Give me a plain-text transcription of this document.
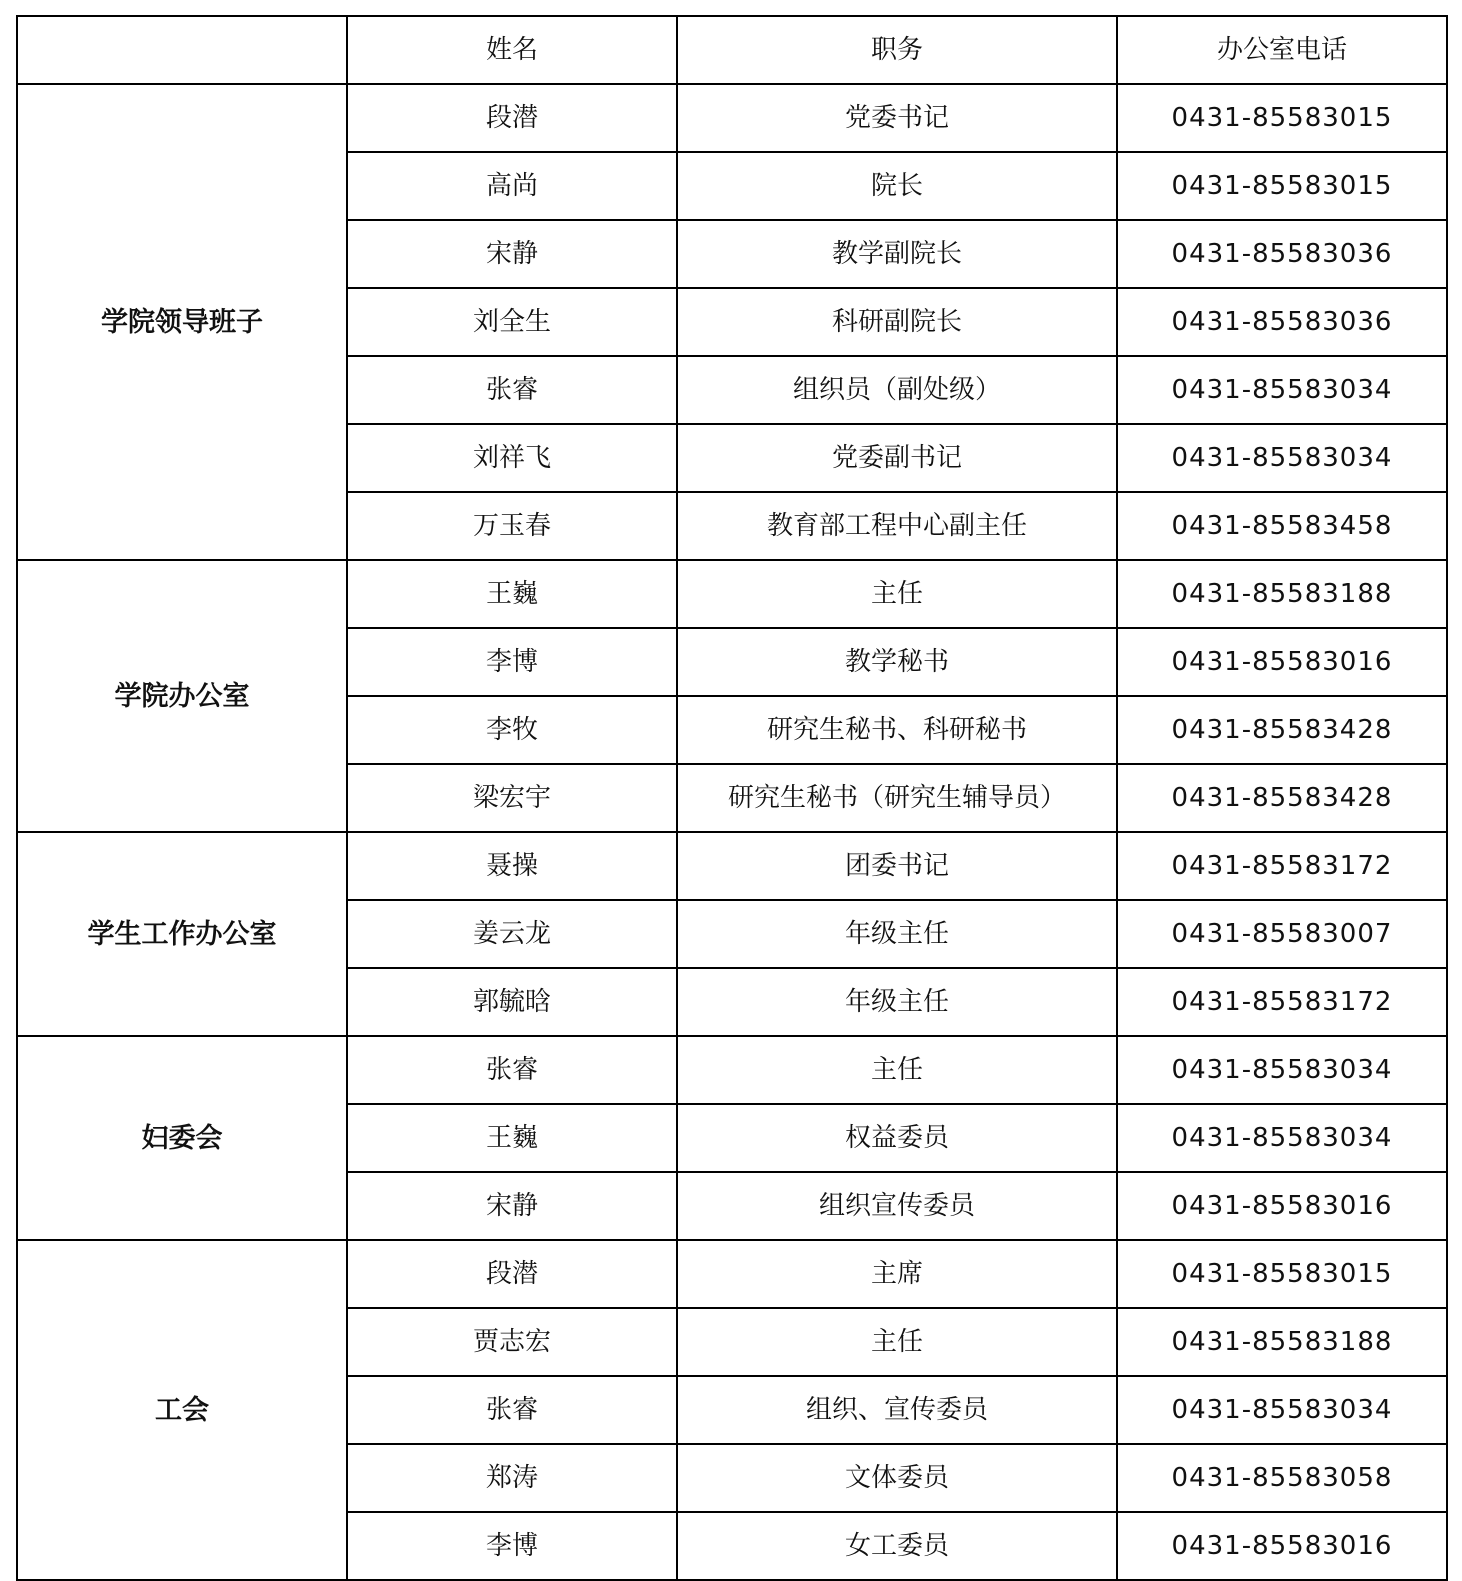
	姓名	职务	办公室电话
学院领导班子	段潜	党委书记	0431-85583015
	高尚	院长	0431-85583015
	宋静	教学副院长	0431-85583036
	刘全生	科研副院长	0431-85583036
	张睿	组织员（副处级）	0431-85583034
	刘祥飞	党委副书记	0431-85583034
	万玉春	教育部工程中心副主任	0431-85583458
学院办公室	王巍	主任	0431-85583188
	李博	教学秘书	0431-85583016
	李牧	研究生秘书、科研秘书	0431-85583428
	梁宏宇	研究生秘书（研究生辅导员）	0431-85583428
学生工作办公室	聂操	团委书记	0431-85583172
	姜云龙	年级主任	0431-85583007
	郭毓晗	年级主任	0431-85583172
妇委会	张睿	主任	0431-85583034
	王巍	权益委员	0431-85583034
	宋静	组织宣传委员	0431-85583016
工会	段潜	主席	0431-85583015
	贾志宏	主任	0431-85583188
	张睿	组织、宣传委员	0431-85583034
	郑涛	文体委员	0431-85583058
	李博	女工委员	0431-85583016
